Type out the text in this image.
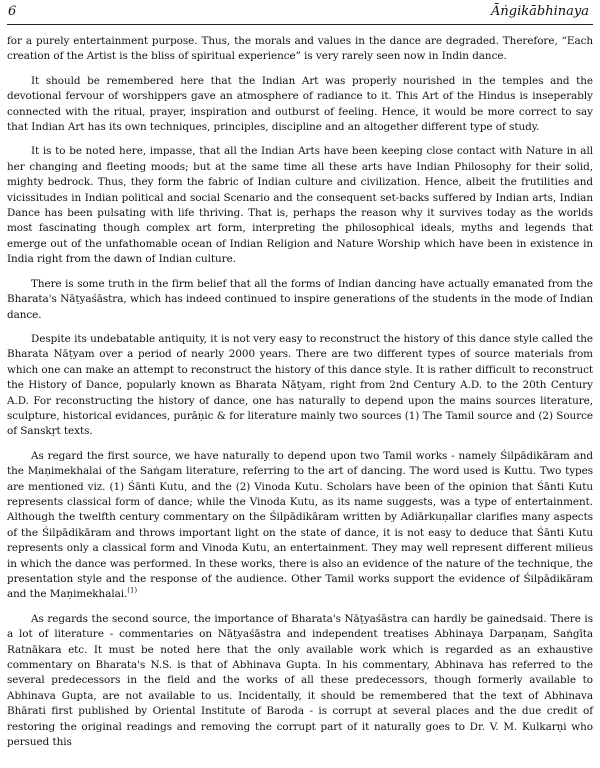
6	Āṅgikābhinaya

for a purely entertainment purpose. Thus, the morals and values in the dance are degraded. Therefore, “Each creation of the Artist is the bliss of spiritual experience” is very rarely seen now in Indin dance.

It should be remembered here that the Indian Art was properly nourished in the temples and the devotional fervour of worshippers gave an atmosphere of radiance to it. This Art of the Hindus is inseperably connected with the ritual, prayer, inspiration and outburst of feeling. Hence, it would be more correct to say that Indian Art has its own techniques, principles, discipline and an altogether different type of study.

It is to be noted here, impasse, that all the Indian Arts have been keeping close contact with Nature in all her changing and fleeting moods; but at the same time all these arts have Indian Philosophy for their solid, mighty bedrock. Thus, they form the fabric of Indian culture and civilization. Hence, albeit the frutilities and vicissitudes in Indian political and social Scenario and the consequent set-backs suffered by Indian arts, Indian Dance has been pulsating with life thriving. That is, perhaps the reason why it survives today as the worlds most fascinating though complex art form, interpreting the philosophical ideals, myths and legends that emerge out of the unfathomable ocean of Indian Religion and Nature Worship which have been in existence in India right from the dawn of Indian culture.

There is some truth in the firm belief that all the forms of Indian dancing have actually emanated from the Bharata's Nāṭyaśāstra, which has indeed continued to inspire generations of the students in the mode of Indian dance.

Despite its undebatable antiquity, it is not very easy to reconstruct the history of this dance style called the Bharata Nāṭyam over a period of nearly 2000 years. There are two different types of source materials from which one can make an attempt to reconstruct the history of this dance style. It is rather difficult to reconstruct the History of Dance, popularly known as Bharata Nāṭyam, right from 2nd Century A.D. to the 20th Century A.D. For reconstructing the history of dance, one has naturally to depend upon the mains sources literature, sculpture, historical evidances, purāṇic & for literature mainly two sources (1) The Tamil source and (2) Source of Sanskṛt texts.

As regard the first source, we have naturally to depend upon two Tamil works - namely Śilpādikāram and the Maṇimekhalai of the Saṅgam literature, referring to the art of dancing. The word used is Kuttu. Two types are mentioned viz. (1) Śānti Kutu, and the (2) Vinoda Kutu. Scholars have been of the opinion that Śānti Kutu represents classical form of dance; while the Vinoda Kutu, as its name suggests, was a type of entertainment. Although the twelfth century commentary on the Śilpādikāram written by Adiārkuṇallar clarifies many aspects of the Śilpādikāram and throws important light on the state of dance, it is not easy to deduce that Śānti Kutu represents only a classical form and Vinoda Kutu, an entertainment. They may well represent different milieus in which the dance was performed. In these works, there is also an evidence of the nature of the technique, the presentation style and the response of the audience. Other Tamil works support the evidence of Śilpādikāram and the Maṇimekhalai.$^{(1)}$

As regards the second source, the importance of Bharata's Nāṭyaśāstra can hardly be gainedsaid. There is a lot of literature - commentaries on Nāṭyaśāstra and independent treatises Abhinaya Darpaṇam, Saṅgīta Ratnākara etc. It must be noted here that the only available work which is regarded as an exhaustive commentary on Bharata's N.S. is that of Abhinava Gupta. In his commentary, Abhinava has referred to the several predecessors in the field and the works of all these predecessors, though formerly available to Abhinava Gupta, are not available to us. Incidentally, it should be remembered that the text of Abhinava Bhārati first published by Oriental Institute of Baroda - is corrupt at several places and the due credit of restoring the original readings and removing the corrupt part of it naturally goes to Dr. V. M. Kulkarṇi who persued this
